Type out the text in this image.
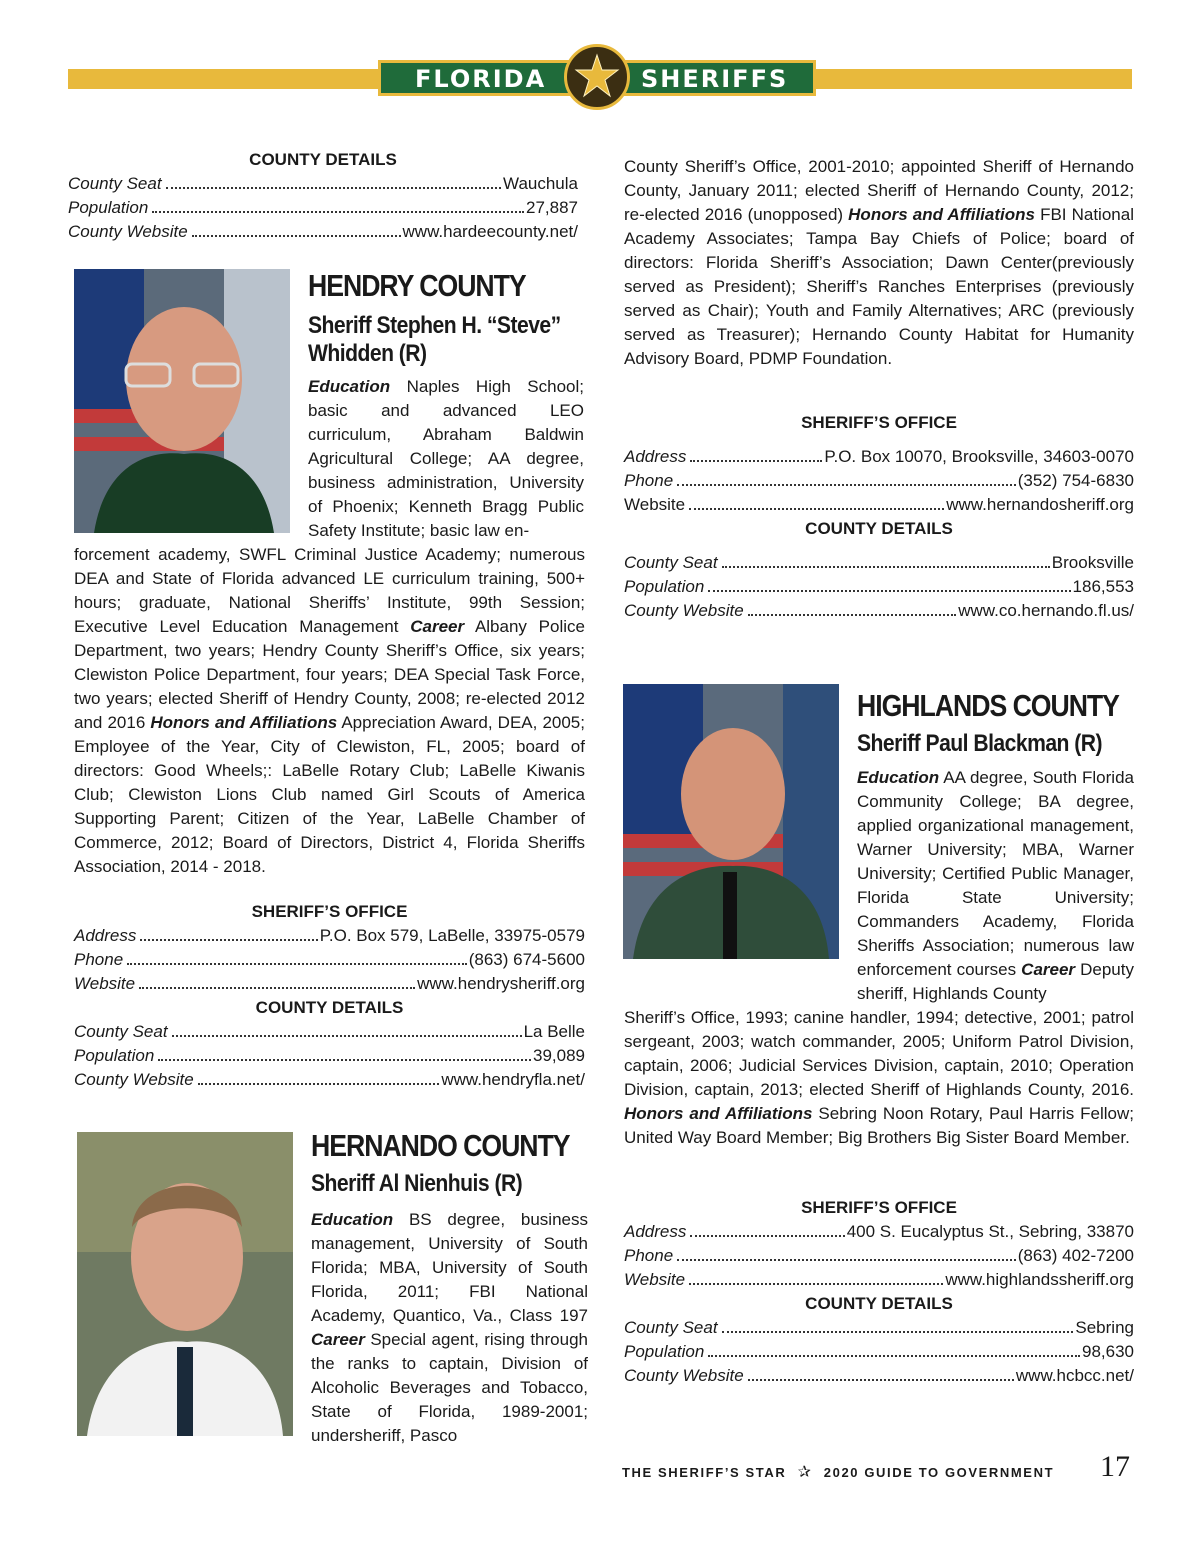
FLORIDA	SHERIFFS
COUNTY DETAILS
County Seat	Wauchula
Population	27,887
County Website	www.hardeecounty.net/
HENDRY COUNTY
Sheriff Stephen H. “Steve” Whidden (R)
Education Naples High School; basic and advanced LEO curriculum, Abraham Baldwin Agricultural College; AA degree, business administration, University of Phoenix; Kenneth Bragg Public Safety Institute; basic law en-
forcement academy, SWFL Criminal Justice Academy; numerous DEA and State of Florida advanced LE curriculum training, 500+ hours; graduate, National Sheriffs’ Institute, 99th Session; Executive Level Education Management Career Albany Police Department, two years; Hendry County Sheriff’s Office, six years; Clewiston Police Department, four years; DEA Special Task Force, two years; elected Sheriff of Hendry County, 2008; re-elected 2012 and 2016 Honors and Affiliations Appreciation Award, DEA, 2005; Employee of the Year, City of Clewiston, FL, 2005; board of directors: Good Wheels;: LaBelle Rotary Club; LaBelle Kiwanis Club; Clewiston Lions Club named Girl Scouts of America Supporting Parent; Citizen of the Year, LaBelle Chamber of Commerce, 2012; Board of Directors, District 4, Florida Sheriffs Association, 2014 - 2018.
SHERIFF’S OFFICE
Address	P.O. Box 579, LaBelle, 33975-0579
Phone	(863) 674-5600
Website	www.hendrysheriff.org
COUNTY DETAILS
County Seat	La Belle
Population	39,089
County Website	www.hendryfla.net/
HERNANDO COUNTY
Sheriff Al Nienhuis (R)
Education BS degree, business management, University of South Florida; MBA, University of South Florida, 2011; FBI National Academy, Quantico, Va., Class 197 Career Special agent, rising through the ranks to captain, Division of Alcoholic Beverages and Tobacco, State of Florida, 1989-2001; undersheriff, Pasco
County Sheriff’s Office, 2001-2010; appointed Sheriff of Hernando County, January 2011; elected Sheriff of Hernando County, 2012; re-elected 2016 (unopposed) Honors and Affiliations FBI National Academy Associates; Tampa Bay Chiefs of Police; board of directors: Florida Sheriff’s Association; Dawn Center(previously served as President); Sheriff’s Ranches Enterprises (previously served as Chair); Youth and Family Alternatives; ARC (previously served as Treasurer); Hernando County Habitat for Humanity Advisory Board, PDMP Foundation.
SHERIFF’S OFFICE
Address	P.O. Box 10070, Brooksville, 34603-0070
Phone	(352) 754-6830
Website	www.hernandosheriff.org
COUNTY DETAILS
County Seat	Brooksville
Population	186,553
County Website	www.co.hernando.fl.us/
HIGHLANDS COUNTY
Sheriff Paul Blackman (R)
Education AA degree, South Florida Community College; BA degree, applied organizational management, Warner University; MBA, Warner University; Certified Public Manager, Florida State University; Commanders Academy, Florida Sheriffs Association; numerous law enforcement courses Career Deputy sheriff, Highlands County
Sheriff’s Office, 1993; canine handler, 1994; detective, 2001; patrol sergeant, 2003; watch commander, 2005; Uniform Patrol Division, captain, 2006; Judicial Services Division, captain, 2010; Operation Division, captain, 2013; elected Sheriff of Highlands County, 2016. Honors and Affiliations Sebring Noon Rotary, Paul Harris Fellow; United Way Board Member; Big Brothers Big Sister Board Member.
SHERIFF’S OFFICE
Address	400 S. Eucalyptus St., Sebring, 33870
Phone	(863) 402-7200
Website	www.highlandssheriff.org
COUNTY DETAILS
County Seat	Sebring
Population	98,630
County Website	www.hcbcc.net/
THE SHERIFF’S STAR ✰ 2020 GUIDE TO GOVERNMENT 17
